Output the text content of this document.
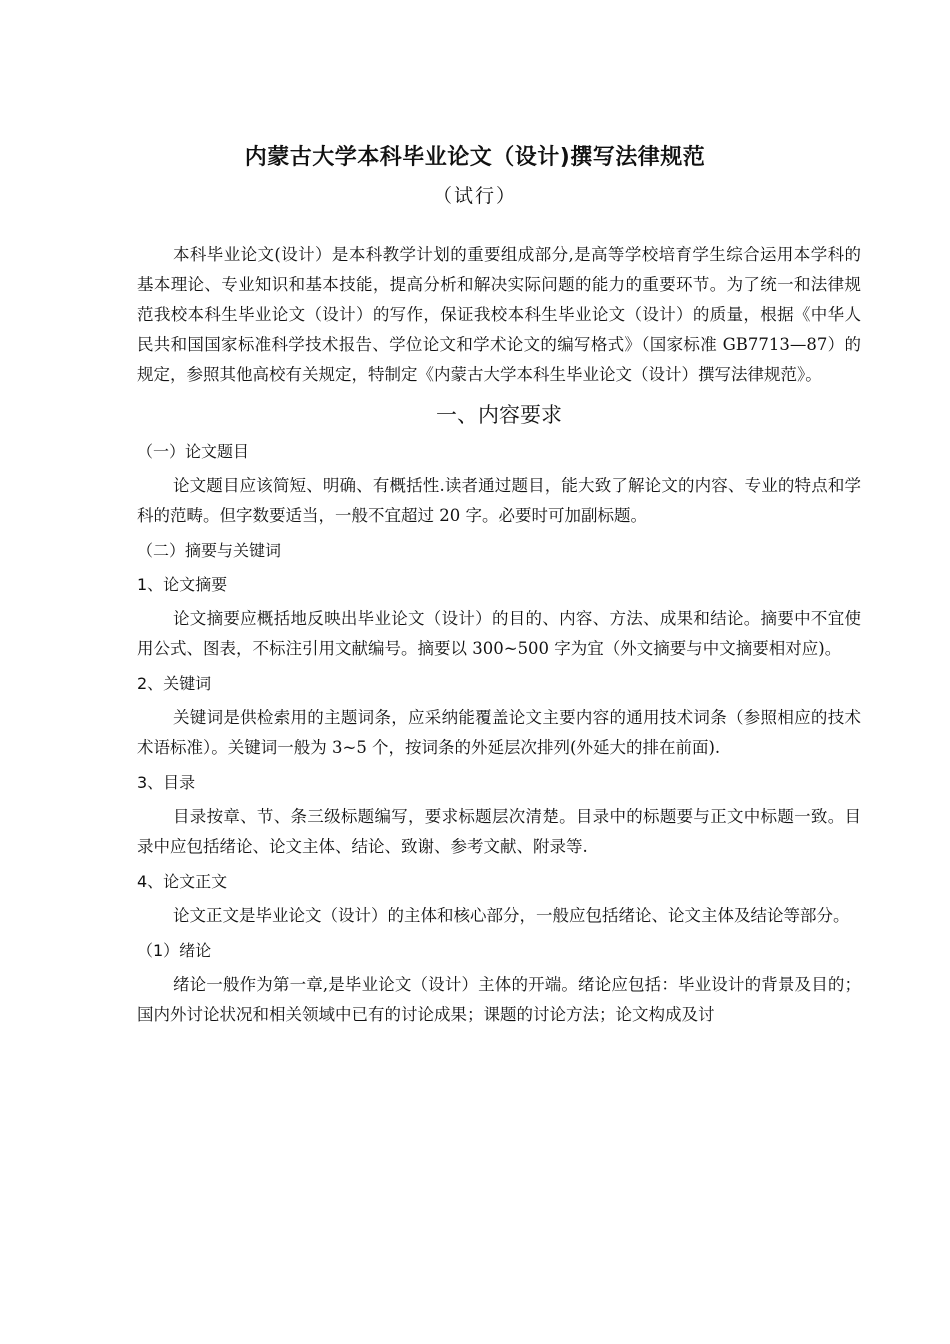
内蒙古大学本科毕业论文（设计)撰写法律规范
（试行）

本科毕业论文(设计）是本科教学计划的重要组成部分,是高等学校培育学生综合运用本学科的基本理论、专业知识和基本技能，提高分析和解决实际问题的能力的重要环节。为了统一和法律规范我校本科生毕业论文（设计）的写作，保证我校本科生毕业论文（设计）的质量，根据《中华人民共和国国家标准科学技术报告、学位论文和学术论文的编写格式》（国家标准 GB7713—87）的规定，参照其他高校有关规定，特制定《内蒙古大学本科生毕业论文（设计）撰写法律规范》。

一、内容要求

（一）论文题目

论文题目应该简短、明确、有概括性.读者通过题目，能大致了解论文的内容、专业的特点和学科的范畴。但字数要适当，一般不宜超过 20 字。必要时可加副标题。

（二）摘要与关键词

1、论文摘要

论文摘要应概括地反映出毕业论文（设计）的目的、内容、方法、成果和结论。摘要中不宜使用公式、图表，不标注引用文献编号。摘要以 300~500 字为宜（外文摘要与中文摘要相对应)。

2、关键词

关键词是供检索用的主题词条，应采纳能覆盖论文主要内容的通用技术词条（参照相应的技术术语标准）。关键词一般为 3~5 个，按词条的外延层次排列(外延大的排在前面).

3、目录

目录按章、节、条三级标题编写，要求标题层次清楚。目录中的标题要与正文中标题一致。目录中应包括绪论、论文主体、结论、致谢、参考文献、附录等.

4、论文正文

论文正文是毕业论文（设计）的主体和核心部分，一般应包括绪论、论文主体及结论等部分。

（1）绪论

绪论一般作为第一章,是毕业论文（设计）主体的开端。绪论应包括：毕业设计的背景及目的；国内外讨论状况和相关领域中已有的讨论成果；课题的讨论方法；论文构成及讨
